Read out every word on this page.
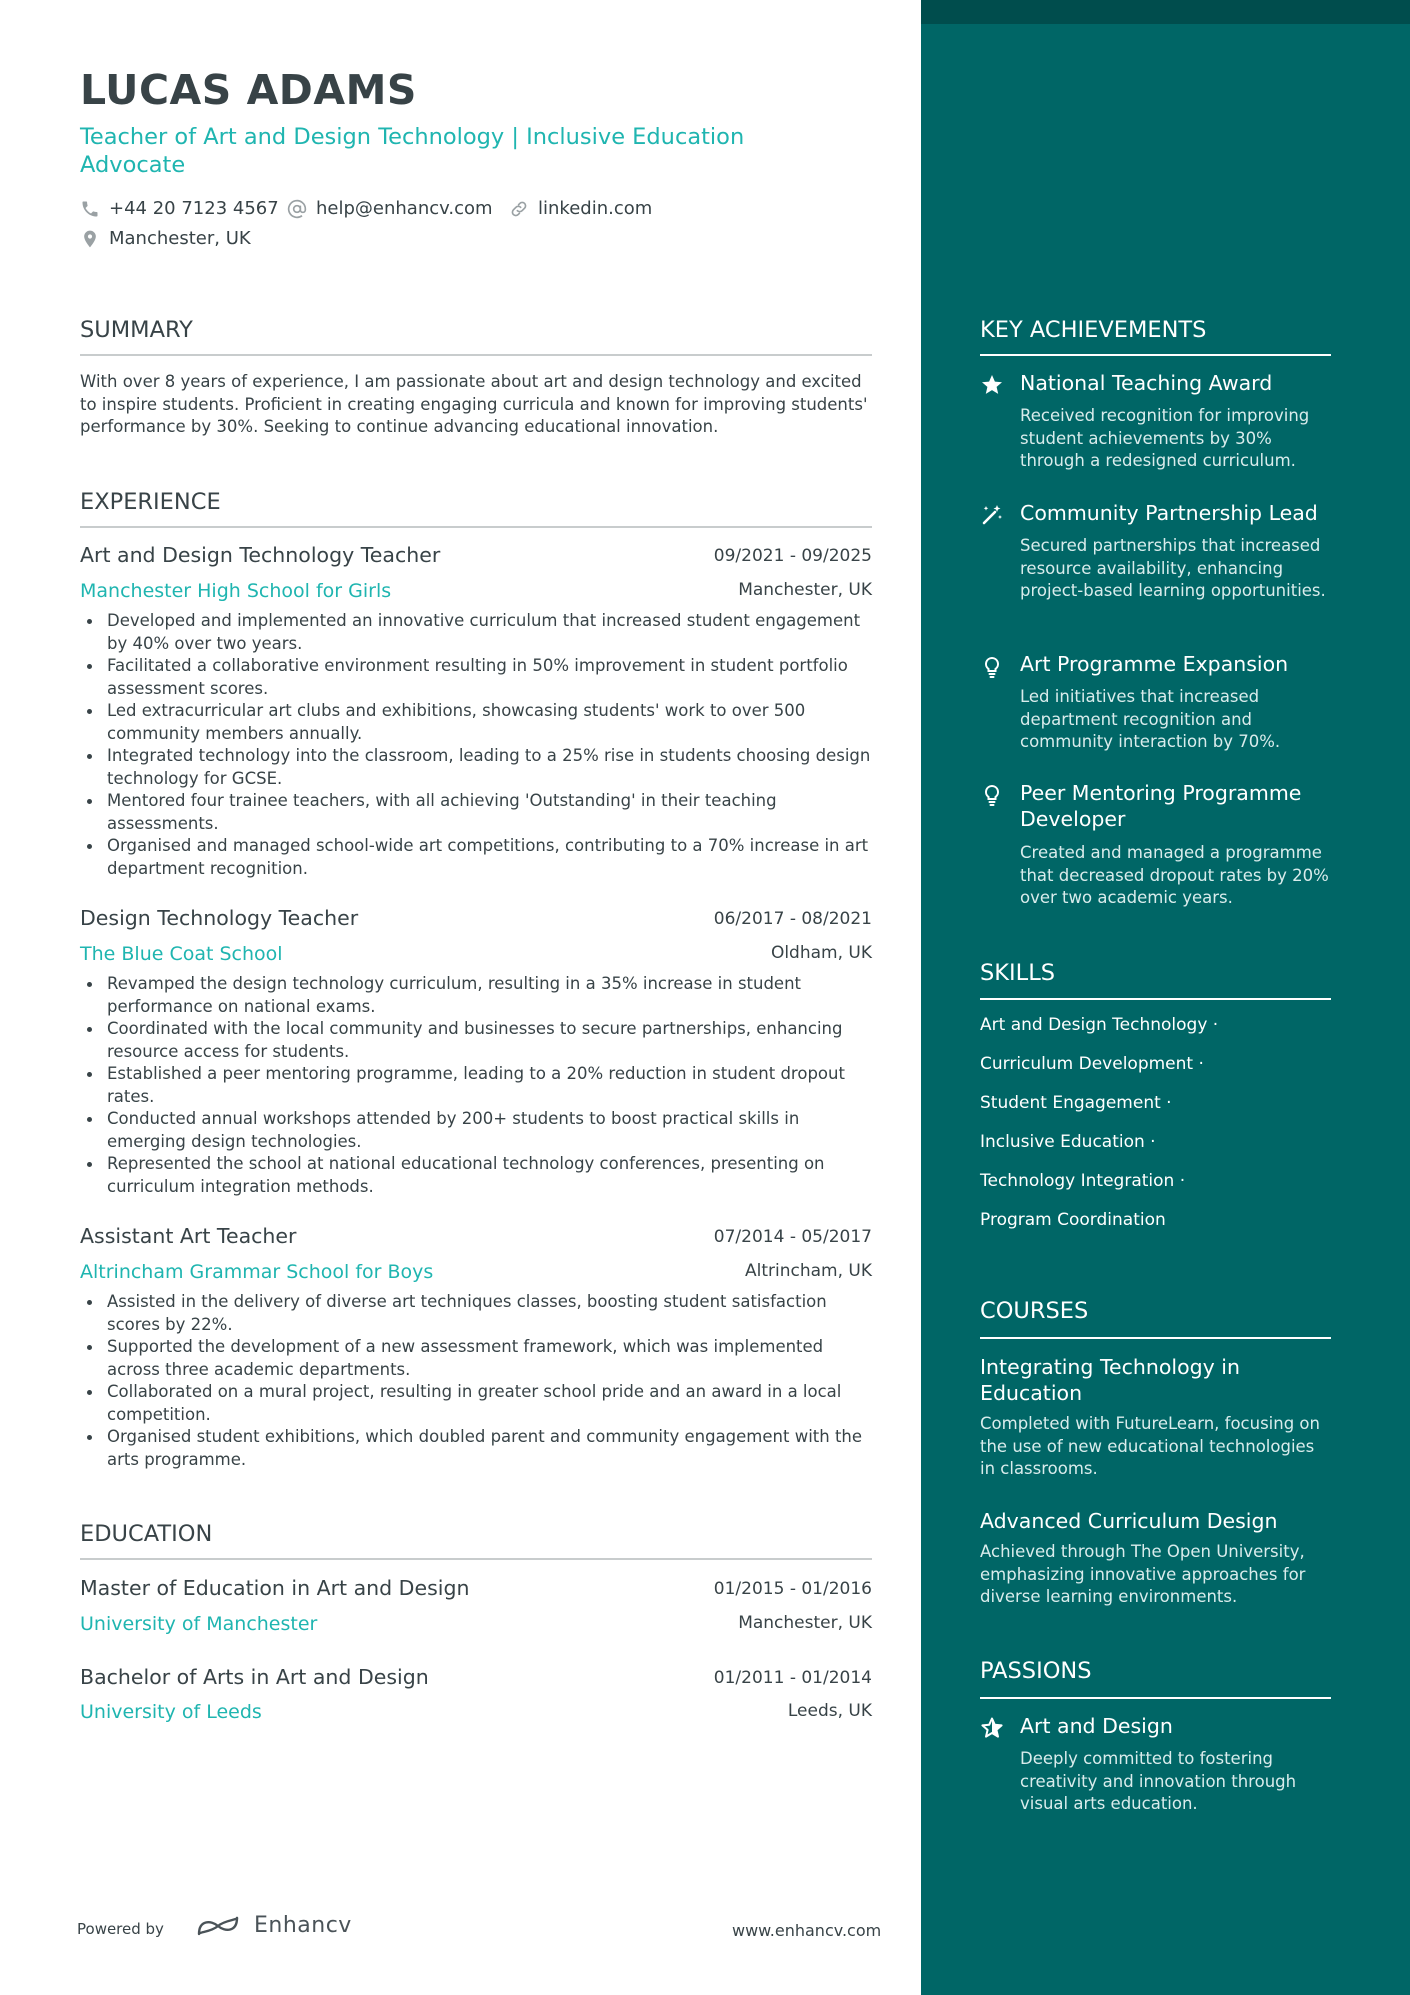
LUCAS ADAMS
Teacher of Art and Design Technology | Inclusive Education Advocate
+44 20 7123 4567 help@enhancv.com	linkedin.com
Manchester, UK
SUMMARY
With over 8 years of experience, I am passionate about art and design technology and excited to inspire students. Proficient in creating engaging curricula and known for improving students' performance by 30%. Seeking to continue advancing educational innovation.
EXPERIENCE
Art and Design Technology Teacher	09/2021 - 09/2025
Manchester High School for Girls	Manchester, UK
Developed and implemented an innovative curriculum that increased student engagement by 40% over two years.
Facilitated a collaborative environment resulting in 50% improvement in student portfolio assessment scores.
Led extracurricular art clubs and exhibitions, showcasing students' work to over 500 community members annually.
Integrated technology into the classroom, leading to a 25% rise in students choosing design technology for GCSE.
Mentored four trainee teachers, with all achieving 'Outstanding' in their teaching assessments.
Organised and managed school-wide art competitions, contributing to a 70% increase in art department recognition.
Design Technology Teacher	06/2017 - 08/2021
The Blue Coat School	Oldham, UK
Revamped the design technology curriculum, resulting in a 35% increase in student performance on national exams.
Coordinated with the local community and businesses to secure partnerships, enhancing resource access for students.
Established a peer mentoring programme, leading to a 20% reduction in student dropout rates.
Conducted annual workshops attended by 200+ students to boost practical skills in emerging design technologies.
Represented the school at national educational technology conferences, presenting on curriculum integration methods.
Assistant Art Teacher	07/2014 - 05/2017
Altrincham Grammar School for Boys	Altrincham, UK
Assisted in the delivery of diverse art techniques classes, boosting student satisfaction scores by 22%.
Supported the development of a new assessment framework, which was implemented across three academic departments.
Collaborated on a mural project, resulting in greater school pride and an award in a local competition.
Organised student exhibitions, which doubled parent and community engagement with the arts programme.
EDUCATION
Master of Education in Art and Design	01/2015 - 01/2016
University of Manchester	Manchester, UK
Bachelor of Arts in Art and Design	01/2011 - 01/2014
University of Leeds	Leeds, UK
Powered by	Enhancv	www.enhancv.com
KEY ACHIEVEMENTS
National Teaching Award
Received recognition for improving student achievements by 30% through a redesigned curriculum.
Community Partnership Lead
Secured partnerships that increased resource availability, enhancing project-based learning opportunities.
Art Programme Expansion
Led initiatives that increased department recognition and community interaction by 70%.
Peer Mentoring Programme Developer
Created and managed a programme that decreased dropout rates by 20% over two academic years.
SKILLS
Art and Design Technology ·
Curriculum Development ·
Student Engagement ·
Inclusive Education ·
Technology Integration ·
Program Coordination
COURSES
Integrating Technology in Education
Completed with FutureLearn, focusing on the use of new educational technologies in classrooms.
Advanced Curriculum Design
Achieved through The Open University, emphasizing innovative approaches for diverse learning environments.
PASSIONS
Art and Design
Deeply committed to fostering creativity and innovation through visual arts education.
